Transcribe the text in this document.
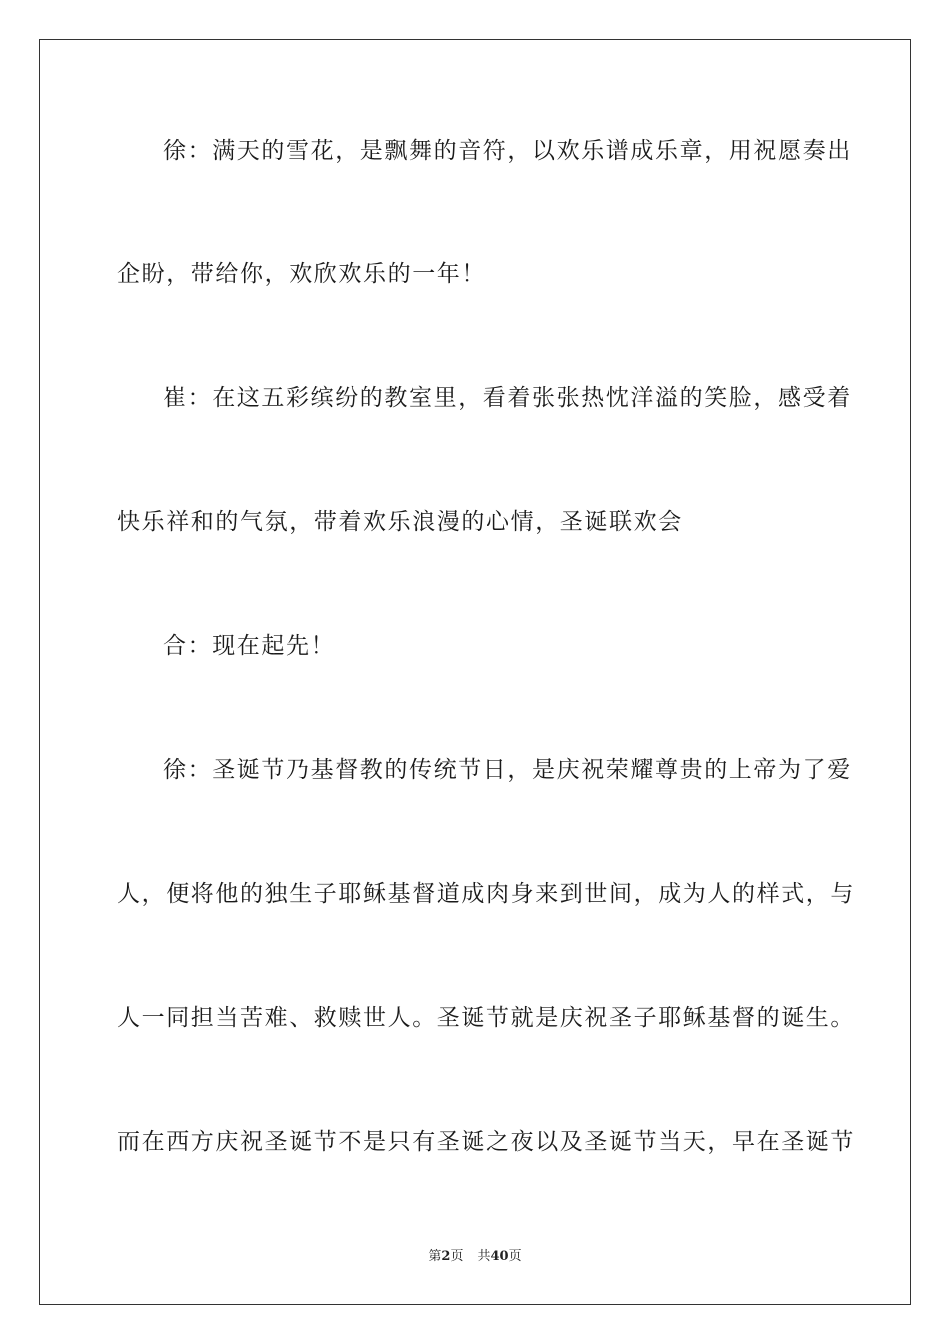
徐：满天的雪花，是飘舞的音符，以欢乐谱成乐章，用祝愿奏出
企盼，带给你，欢欣欢乐的一年！
崔：在这五彩缤纷的教室里，看着张张热忱洋溢的笑脸，感受着
快乐祥和的气氛，带着欢乐浪漫的心情，圣诞联欢会
合：现在起先！
徐：圣诞节乃基督教的传统节日，是庆祝荣耀尊贵的上帝为了爱
人，便将他的独生子耶稣基督道成肉身来到世间，成为人的样式，与
人一同担当苦难、救赎世人。圣诞节就是庆祝圣子耶稣基督的诞生。
而在西方庆祝圣诞节不是只有圣诞之夜以及圣诞节当天，早在圣诞节
第2页 共40页
